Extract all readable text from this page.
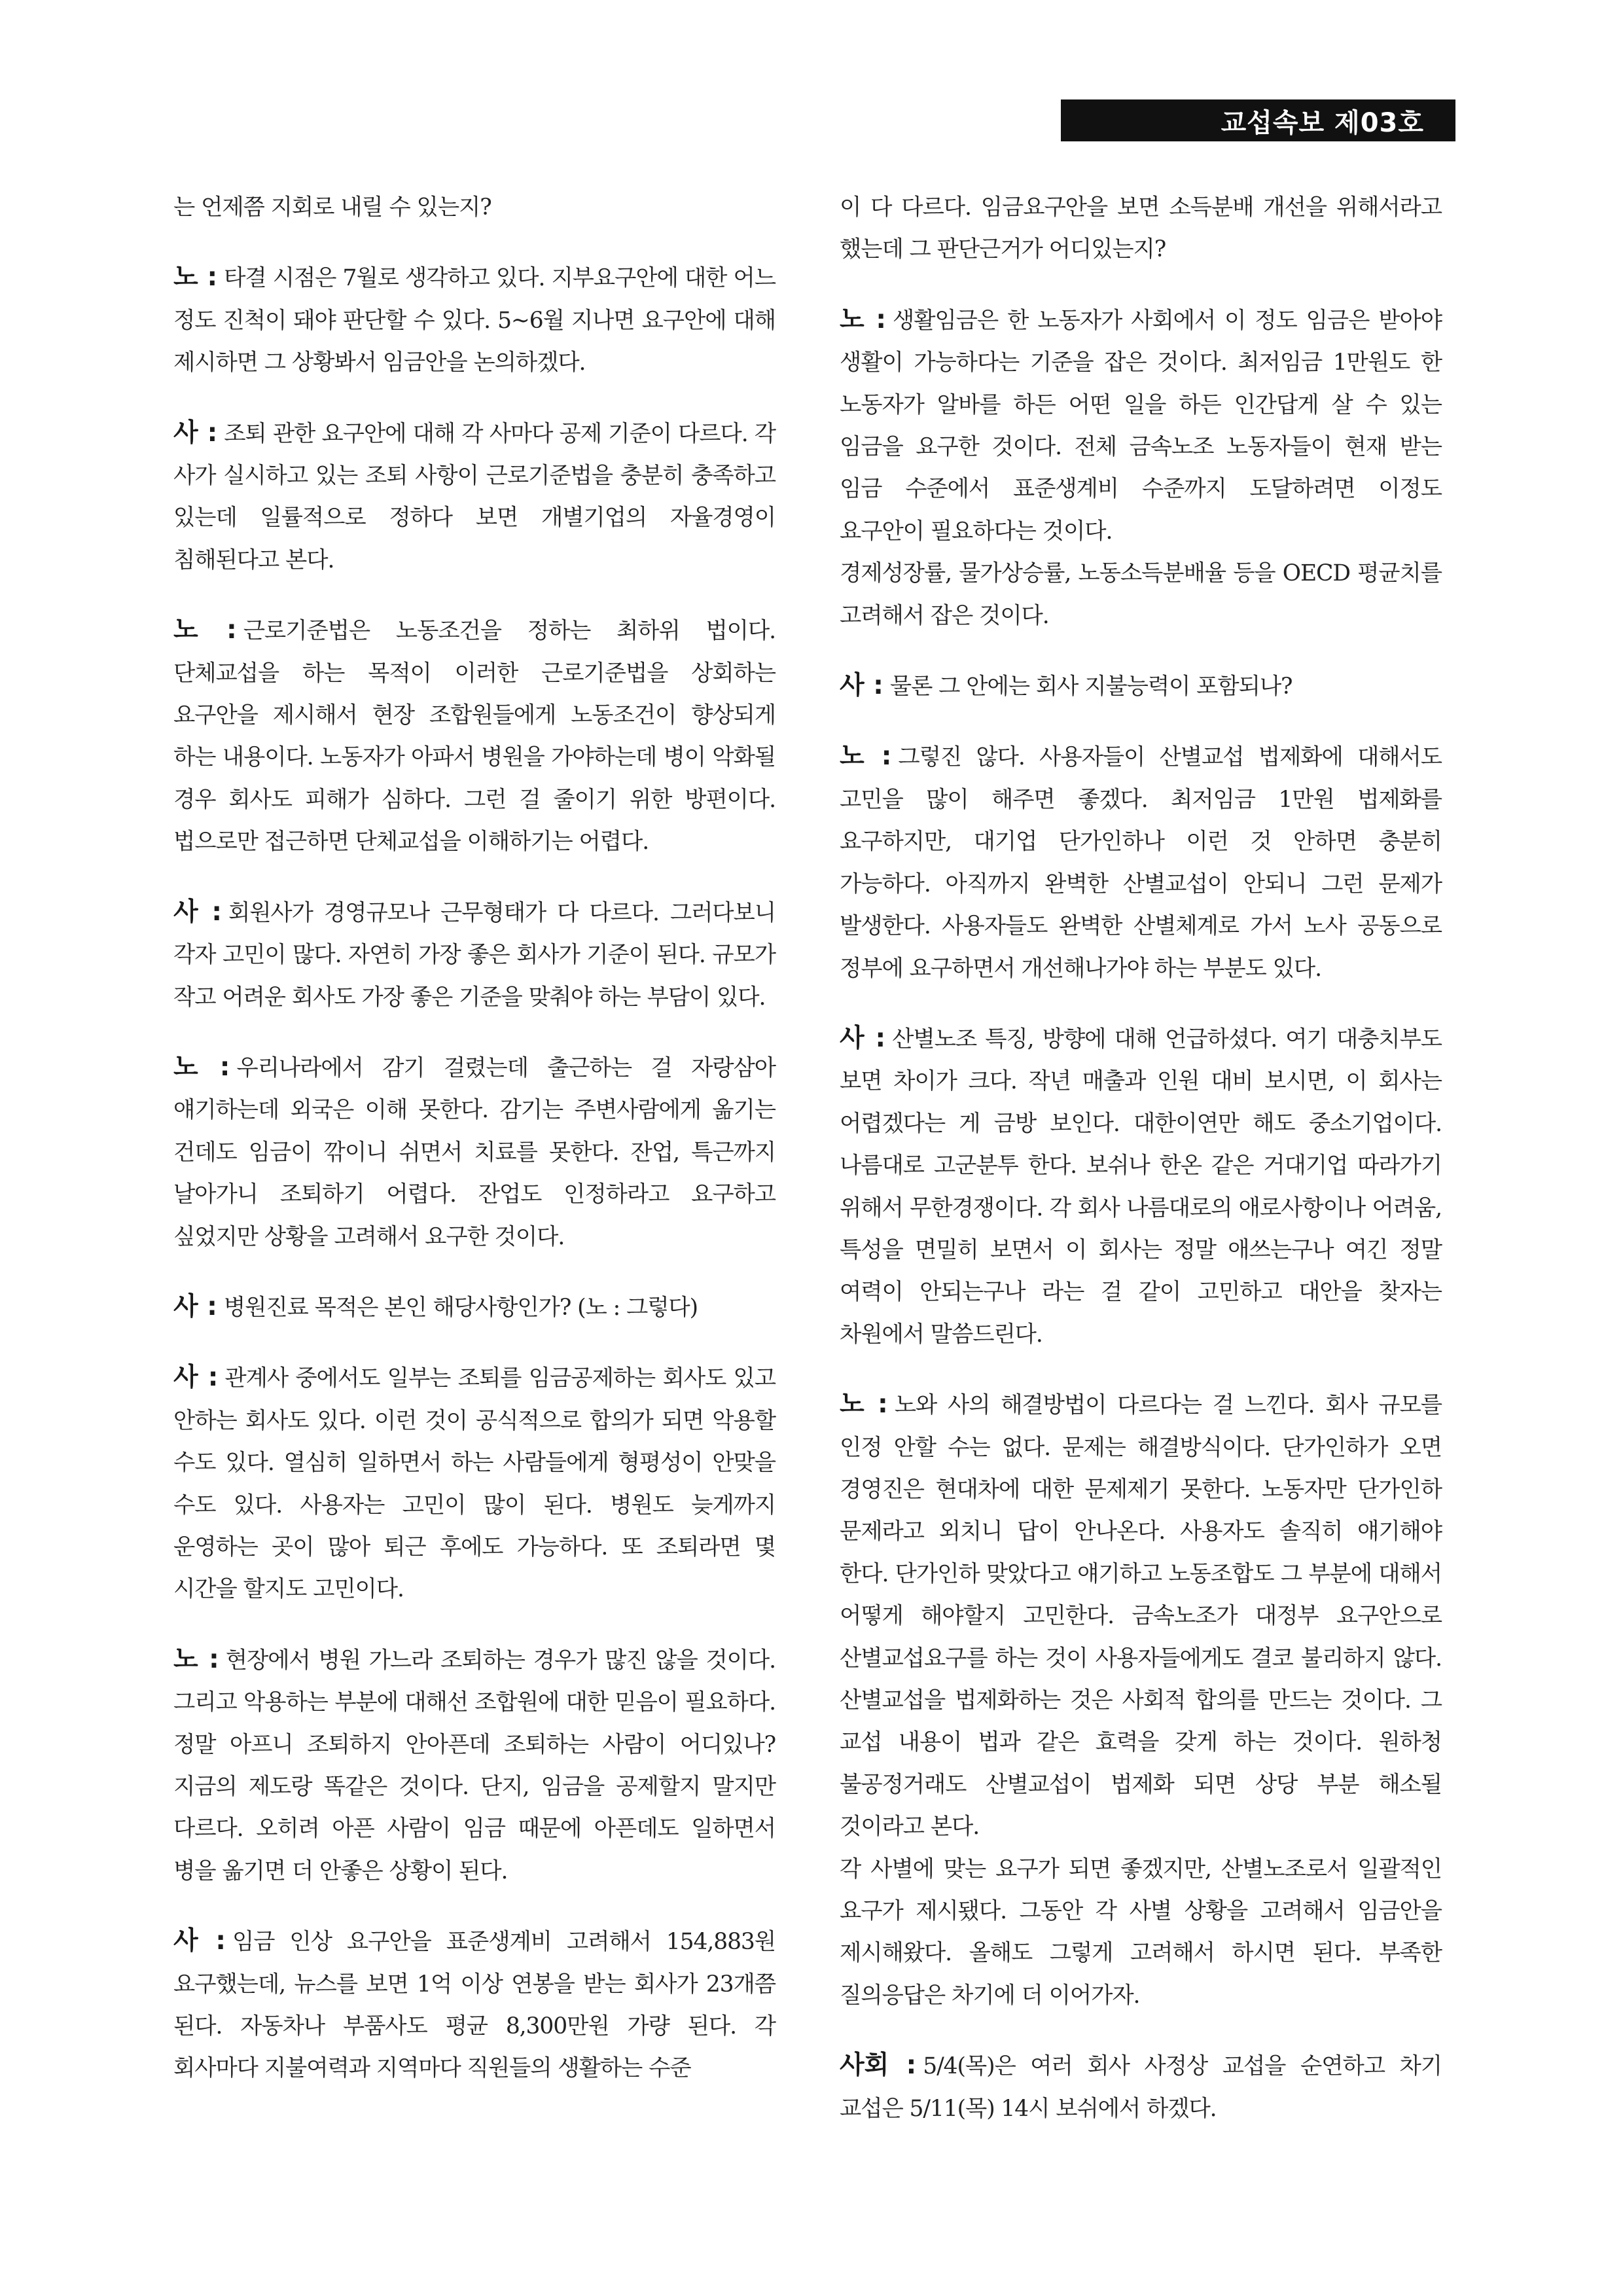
교섭속보 제03호

는 언제쯤 지회로 내릴 수 있는지?

노 : 타결 시점은 7월로 생각하고 있다. 지부요구안에 대한 어느 정도 진척이 돼야 판단할 수 있다. 5~6월 지나면 요구안에 대해 제시하면 그 상황봐서 임금안을 논의하겠다.

사 : 조퇴 관한 요구안에 대해 각 사마다 공제 기준이 다르다. 각 사가 실시하고 있는 조퇴 사항이 근로기준법을 충분히 충족하고 있는데 일률적으로 정하다 보면 개별기업의 자율경영이 침해된다고 본다.

노 : 근로기준법은 노동조건을 정하는 최하위 법이다. 단체교섭을 하는 목적이 이러한 근로기준법을 상회하는 요구안을 제시해서 현장 조합원들에게 노동조건이 향상되게 하는 내용이다. 노동자가 아파서 병원을 가야하는데 병이 악화될 경우 회사도 피해가 심하다. 그런 걸 줄이기 위한 방편이다. 법으로만 접근하면 단체교섭을 이해하기는 어렵다.

사 : 회원사가 경영규모나 근무형태가 다 다르다. 그러다보니 각자 고민이 많다. 자연히 가장 좋은 회사가 기준이 된다. 규모가 작고 어려운 회사도 가장 좋은 기준을 맞춰야 하는 부담이 있다.

노 : 우리나라에서 감기 걸렸는데 출근하는 걸 자랑삼아 얘기하는데 외국은 이해 못한다. 감기는 주변사람에게 옮기는 건데도 임금이 깎이니 쉬면서 치료를 못한다. 잔업, 특근까지 날아가니 조퇴하기 어렵다. 잔업도 인정하라고 요구하고 싶었지만 상황을 고려해서 요구한 것이다.

사 : 병원진료 목적은 본인 해당사항인가? (노 : 그렇다)

사 : 관계사 중에서도 일부는 조퇴를 임금공제하는 회사도 있고 안하는 회사도 있다. 이런 것이 공식적으로 합의가 되면 악용할 수도 있다. 열심히 일하면서 하는 사람들에게 형평성이 안맞을 수도 있다. 사용자는 고민이 많이 된다. 병원도 늦게까지 운영하는 곳이 많아 퇴근 후에도 가능하다. 또 조퇴라면 몇 시간을 할지도 고민이다.

노 : 현장에서 병원 가느라 조퇴하는 경우가 많진 않을 것이다. 그리고 악용하는 부분에 대해선 조합원에 대한 믿음이 필요하다. 정말 아프니 조퇴하지 안아픈데 조퇴하는 사람이 어디있나? 지금의 제도랑 똑같은 것이다. 단지, 임금을 공제할지 말지만 다르다. 오히려 아픈 사람이 임금 때문에 아픈데도 일하면서 병을 옮기면 더 안좋은 상황이 된다.

사 : 임금 인상 요구안을 표준생계비 고려해서 154,883원 요구했는데, 뉴스를 보면 1억 이상 연봉을 받는 회사가 23개쯤 된다. 자동차나 부품사도 평균 8,300만원 가량 된다. 각 회사마다 지불여력과 지역마다 직원들의 생활하는 수준

이 다 다르다. 임금요구안을 보면 소득분배 개선을 위해서라고 했는데 그 판단근거가 어디있는지?

노 : 생활임금은 한 노동자가 사회에서 이 정도 임금은 받아야 생활이 가능하다는 기준을 잡은 것이다. 최저임금 1만원도 한 노동자가 알바를 하든 어떤 일을 하든 인간답게 살 수 있는 임금을 요구한 것이다. 전체 금속노조 노동자들이 현재 받는 임금 수준에서 표준생계비 수준까지 도달하려면 이정도 요구안이 필요하다는 것이다.

경제성장률, 물가상승률, 노동소득분배율 등을 OECD 평균치를 고려해서 잡은 것이다.

사 : 물론 그 안에는 회사 지불능력이 포함되나?

노 : 그렇진 않다. 사용자들이 산별교섭 법제화에 대해서도 고민을 많이 해주면 좋겠다. 최저임금 1만원 법제화를 요구하지만, 대기업 단가인하나 이런 것 안하면 충분히 가능하다. 아직까지 완벽한 산별교섭이 안되니 그런 문제가 발생한다. 사용자들도 완벽한 산별체계로 가서 노사 공동으로 정부에 요구하면서 개선해나가야 하는 부분도 있다.

사 : 산별노조 특징, 방향에 대해 언급하셨다. 여기 대충치부도 보면 차이가 크다. 작년 매출과 인원 대비 보시면, 이 회사는 어렵겠다는 게 금방 보인다. 대한이연만 해도 중소기업이다. 나름대로 고군분투 한다. 보쉬나 한온 같은 거대기업 따라가기 위해서 무한경쟁이다. 각 회사 나름대로의 애로사항이나 어려움, 특성을 면밀히 보면서 이 회사는 정말 애쓰는구나 여긴 정말 여력이 안되는구나 라는 걸 같이 고민하고 대안을 찾자는 차원에서 말씀드린다.

노 : 노와 사의 해결방법이 다르다는 걸 느낀다. 회사 규모를 인정 안할 수는 없다. 문제는 해결방식이다. 단가인하가 오면 경영진은 현대차에 대한 문제제기 못한다. 노동자만 단가인하 문제라고 외치니 답이 안나온다. 사용자도 솔직히 얘기해야 한다. 단가인하 맞았다고 얘기하고 노동조합도 그 부분에 대해서 어떻게 해야할지 고민한다. 금속노조가 대정부 요구안으로 산별교섭요구를 하는 것이 사용자들에게도 결코 불리하지 않다. 산별교섭을 법제화하는 것은 사회적 합의를 만드는 것이다. 그 교섭 내용이 법과 같은 효력을 갖게 하는 것이다. 원하청 불공정거래도 산별교섭이 법제화 되면 상당 부분 해소될 것이라고 본다.

각 사별에 맞는 요구가 되면 좋겠지만, 산별노조로서 일괄적인 요구가 제시됐다. 그동안 각 사별 상황을 고려해서 임금안을 제시해왔다. 올해도 그렇게 고려해서 하시면 된다. 부족한 질의응답은 차기에 더 이어가자.

사회 : 5/4(목)은 여러 회사 사정상 교섭을 순연하고 차기 교섭은 5/11(목) 14시 보쉬에서 하겠다.
